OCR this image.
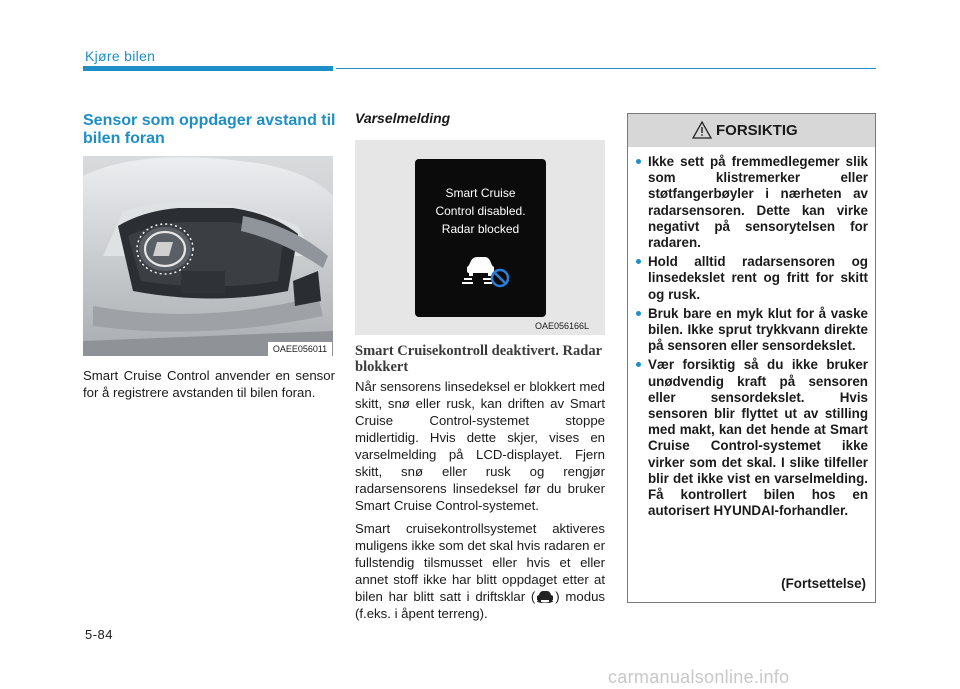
Kjøre bilen
Sensor som oppdager avstand til bilen foran
OAEE056011
Smart Cruise Control anvender en sensor for å registrere avstanden til bilen foran.
Varselmelding
Smart Cruise
Control disabled.
Radar blocked
OAE056166L
Smart Cruisekontroll deaktivert. Radar blokkert

Når sensorens linsedeksel er blokkert med skitt, snø eller rusk, kan driften av Smart Cruise Control-systemet stoppe midlertidig. Hvis dette skjer, vises en varselmelding på LCD-displayet. Fjern skitt, snø eller rusk og rengjør radarsensorens linsedeksel før du bruker Smart Cruise Control-systemet.

Smart cruisekontrollsystemet aktiveres muligens ikke som det skal hvis radaren er fullstendig tilsmusset eller hvis et eller annet stoff ikke har blitt oppdaget etter at bilen har blitt satt i driftsklar ( ) modus (f.eks. i åpent terreng).

FORSIKTIG
Ikke sett på fremmedlegemer slik som klistremerker eller støtfangerbøyler i nærheten av radarsensoren. Dette kan virke negativt på sensorytelsen for radaren.
Hold alltid radarsensoren og linsedekslet rent og fritt for skitt og rusk.
Bruk bare en myk klut for å vaske bilen. Ikke sprut trykkvann direkte på sensoren eller sensordekslet.
Vær forsiktig så du ikke bruker unødvendig kraft på sensoren eller sensordekslet. Hvis sensoren blir flyttet ut av stilling med makt, kan det hende at Smart Cruise Control-systemet ikke virker som det skal. I slike tilfeller blir det ikke vist en varselmelding. Få kontrollert bilen hos en autorisert HYUNDAI-forhandler.
(Fortsettelse)
5-84
carmanualsonline.info
